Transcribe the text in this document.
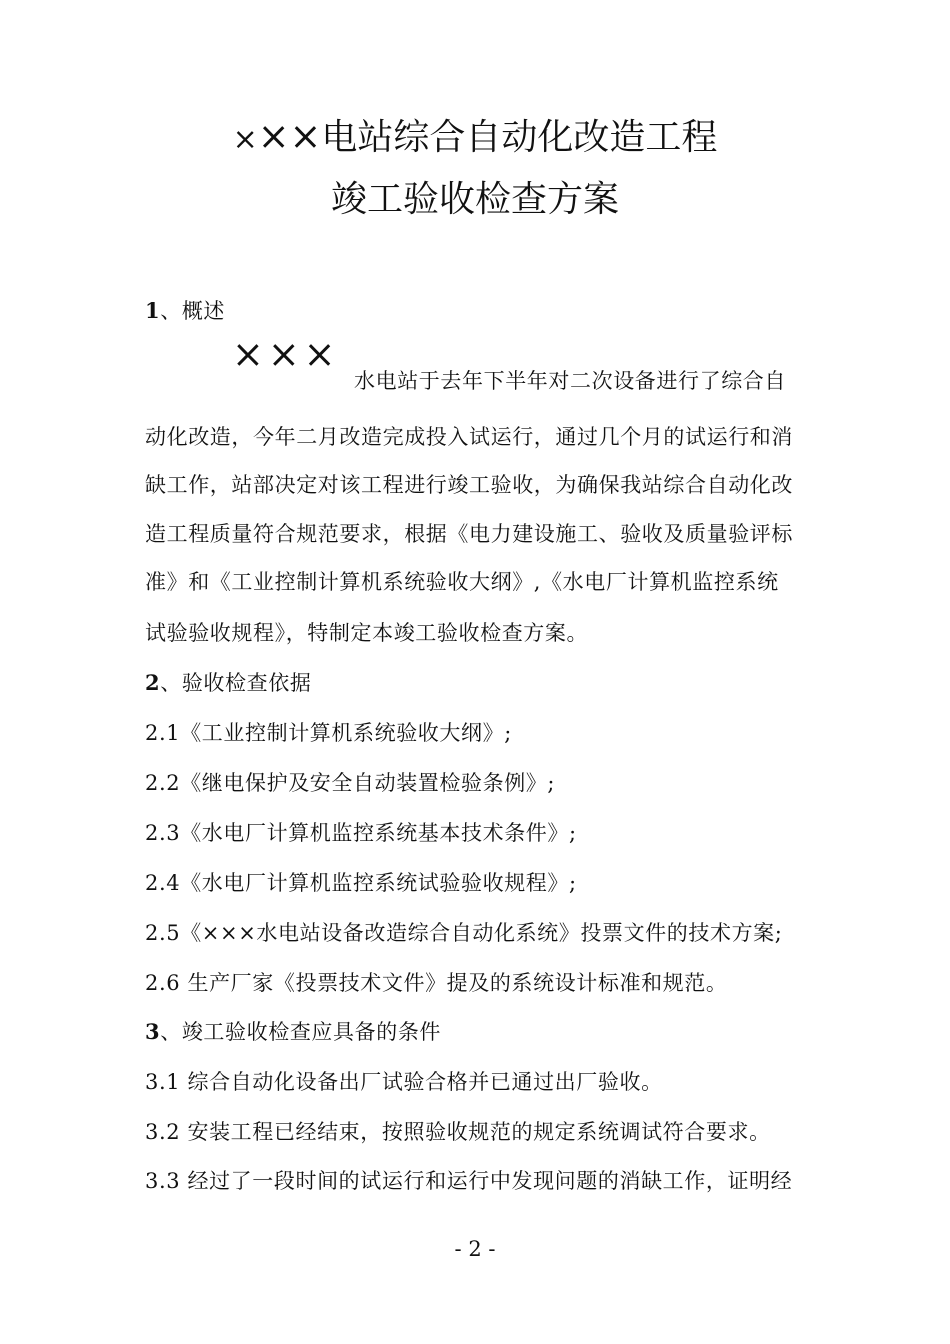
×××电站综合自动化改造工程
竣工验收检查方案
1、概述
×××
水电站于去年下半年对二次设备进行了综合自
动化改造，今年二月改造完成投入试运行，通过几个月的试运行和消
缺工作，站部决定对该工程进行竣工验收，为确保我站综合自动化改
造工程质量符合规范要求，根据《电力建设施工、验收及质量验评标
准》和《工业控制计算机系统验收大纲》,《水电厂计算机监控系统
试验验收规程》，特制定本竣工验收检查方案。
2、验收检查依据
2.1《工业控制计算机系统验收大纲》;
2.2《继电保护及安全自动装置检验条例》;
2.3《水电厂计算机监控系统基本技术条件》;
2.4《水电厂计算机监控系统试验验收规程》;
2.5《×××水电站设备改造综合自动化系统》投票文件的技术方案;
2.6 生产厂家《投票技术文件》提及的系统设计标准和规范。
3、竣工验收检查应具备的条件
3.1 综合自动化设备出厂试验合格并已通过出厂验收。
3.2 安装工程已经结束，按照验收规范的规定系统调试符合要求。
3.3 经过了一段时间的试运行和运行中发现问题的消缺工作，证明经
- 2 -
